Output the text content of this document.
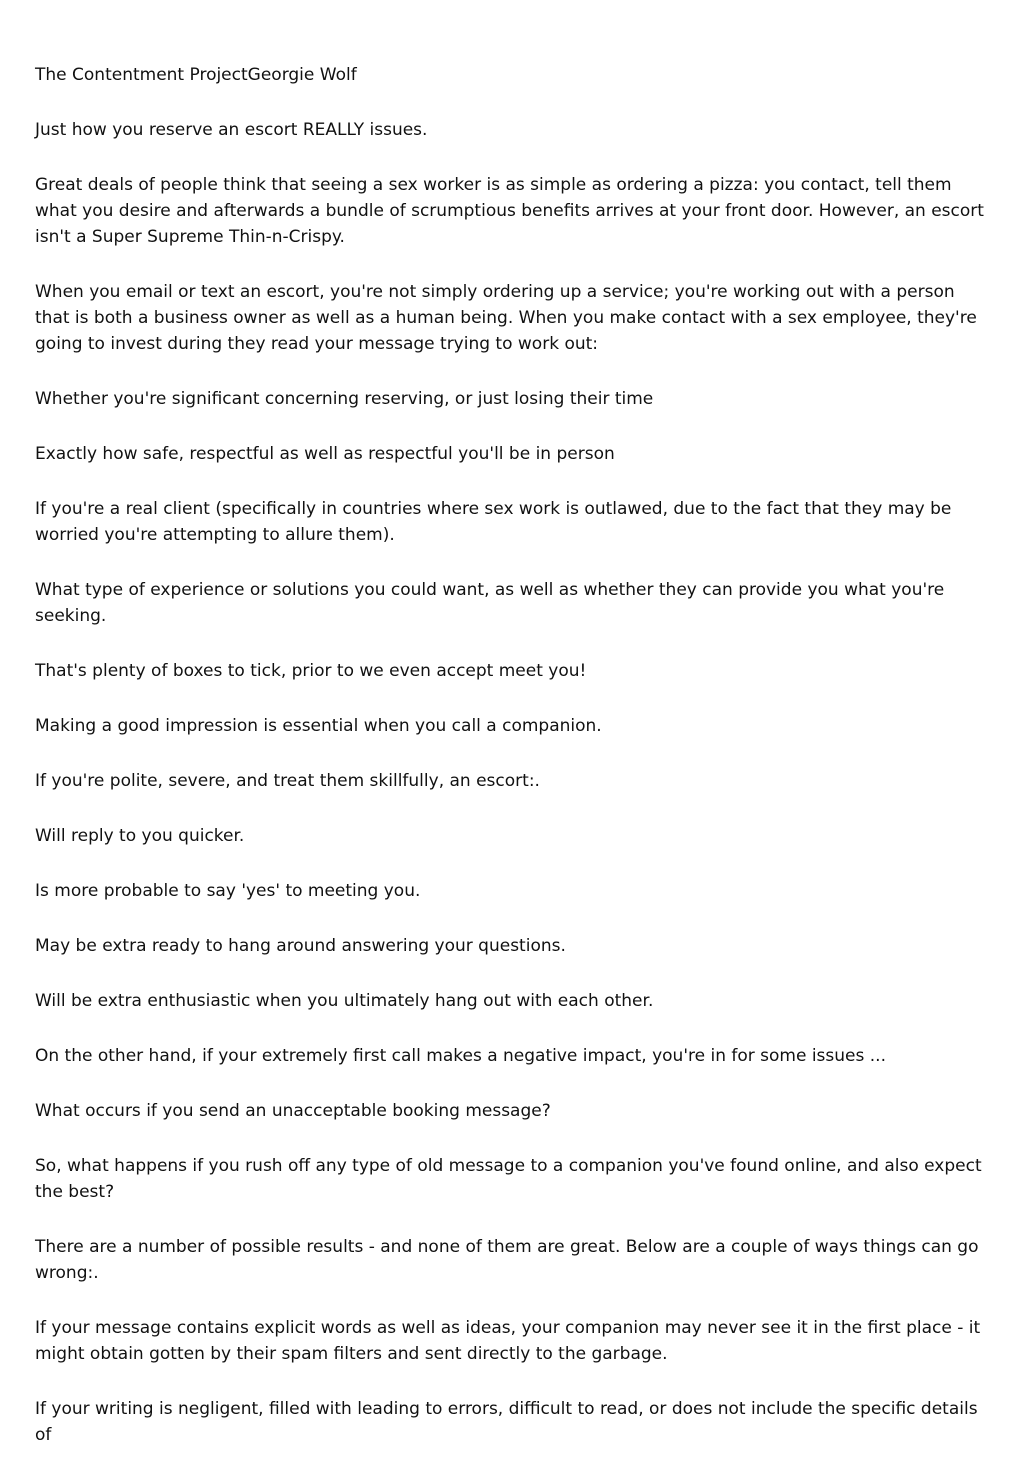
The Contentment ProjectGeorgie Wolf

Just how you reserve an escort REALLY issues.

Great deals of people think that seeing a sex worker is as simple as ordering a pizza: you contact, tell them what you desire and afterwards a bundle of scrumptious benefits arrives at your front door. However, an escort isn't a Super Supreme Thin-n-Crispy.

When you email or text an escort, you're not simply ordering up a service; you're working out with a person that is both a business owner as well as a human being. When you make contact with a sex employee, they're going to invest during they read your message trying to work out:

Whether you're significant concerning reserving, or just losing their time

Exactly how safe, respectful as well as respectful you'll be in person

If you're a real client (specifically in countries where sex work is outlawed, due to the fact that they may be worried you're attempting to allure them).

What type of experience or solutions you could want, as well as whether they can provide you what you're seeking.

That's plenty of boxes to tick, prior to we even accept meet you!

Making a good impression is essential when you call a companion.

If you're polite, severe, and treat them skillfully, an escort:.

Will reply to you quicker.

Is more probable to say 'yes' to meeting you.

May be extra ready to hang around answering your questions.

Will be extra enthusiastic when you ultimately hang out with each other.

On the other hand, if your extremely first call makes a negative impact, you're in for some issues ...

What occurs if you send an unacceptable booking message?

So, what happens if you rush off any type of old message to a companion you've found online, and also expect the best?

There are a number of possible results - and none of them are great. Below are a couple of ways things can go wrong:.

If your message contains explicit words as well as ideas, your companion may never see it in the first place - it might obtain gotten by their spam filters and sent directly to the garbage.

If your writing is negligent, filled with leading to errors, difficult to read, or does not include the specific details of
